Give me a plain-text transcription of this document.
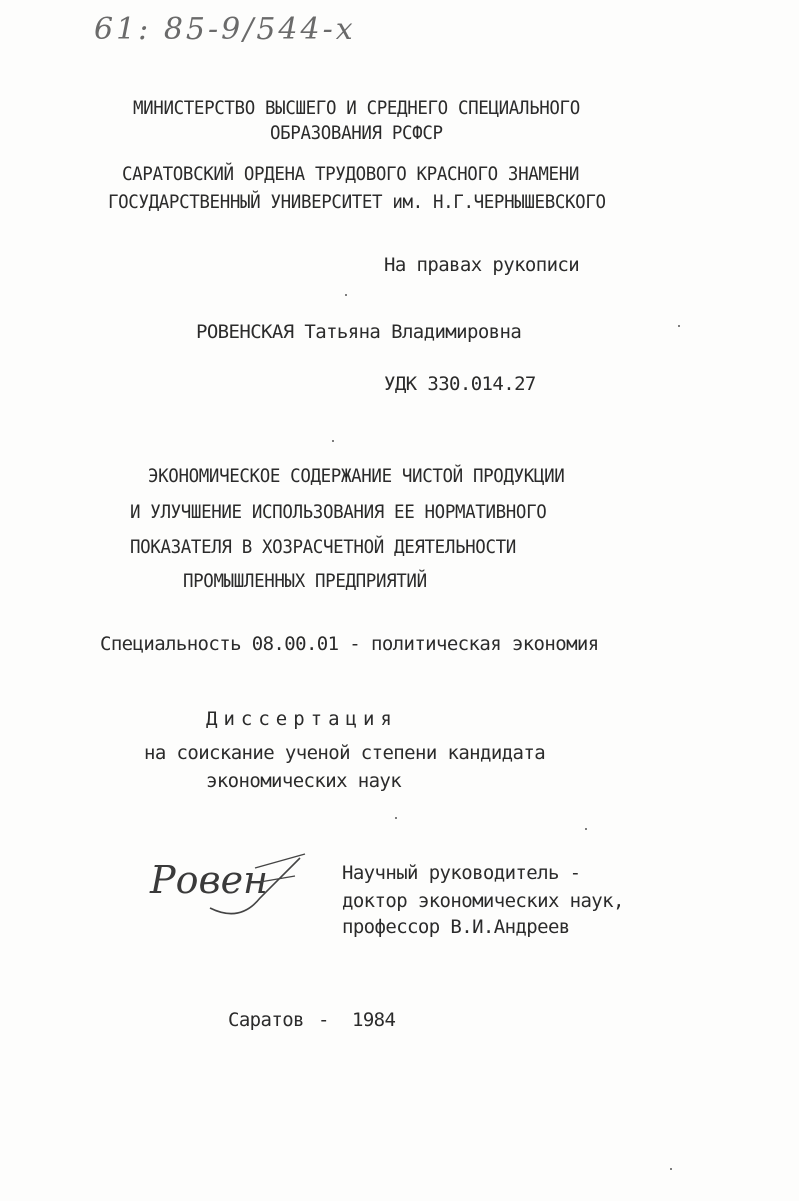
61: 85-9/544-x
МИНИСТЕРСТВО ВЫСШЕГО И СРЕДНЕГО СПЕЦИАЛЬНОГО
ОБРАЗОВАНИЯ РСФСР
САРАТОВСКИЙ ОРДЕНА ТРУДОВОГО КРАСНОГО ЗНАМЕНИ
ГОСУДАРСТВЕННЫЙ УНИВЕРСИТЕТ им. Н.Г.ЧЕРНЫШЕВСКОГО
На правах рукописи
РОВЕНСКАЯ Татьяна Владимировна
УДК 330.014.27
ЭКОНОМИЧЕСКОЕ СОДЕРЖАНИЕ ЧИСТОЙ ПРОДУКЦИИ
И УЛУЧШЕНИЕ ИСПОЛЬЗОВАНИЯ ЕЕ НОРМАТИВНОГО
ПОКАЗАТЕЛЯ В ХОЗРАСЧЕТНОЙ ДЕЯТЕЛЬНОСТИ
ПРОМЫШЛЕННЫХ ПРЕДПРИЯТИЙ
Специальность 08.00.01 - политическая экономия
Диссертация
на соискание ученой степени кандидата
экономических наук
Ровен	Научный руководитель -
доктор экономических наук,
профессор В.И.Андреев
Саратов - 1984
